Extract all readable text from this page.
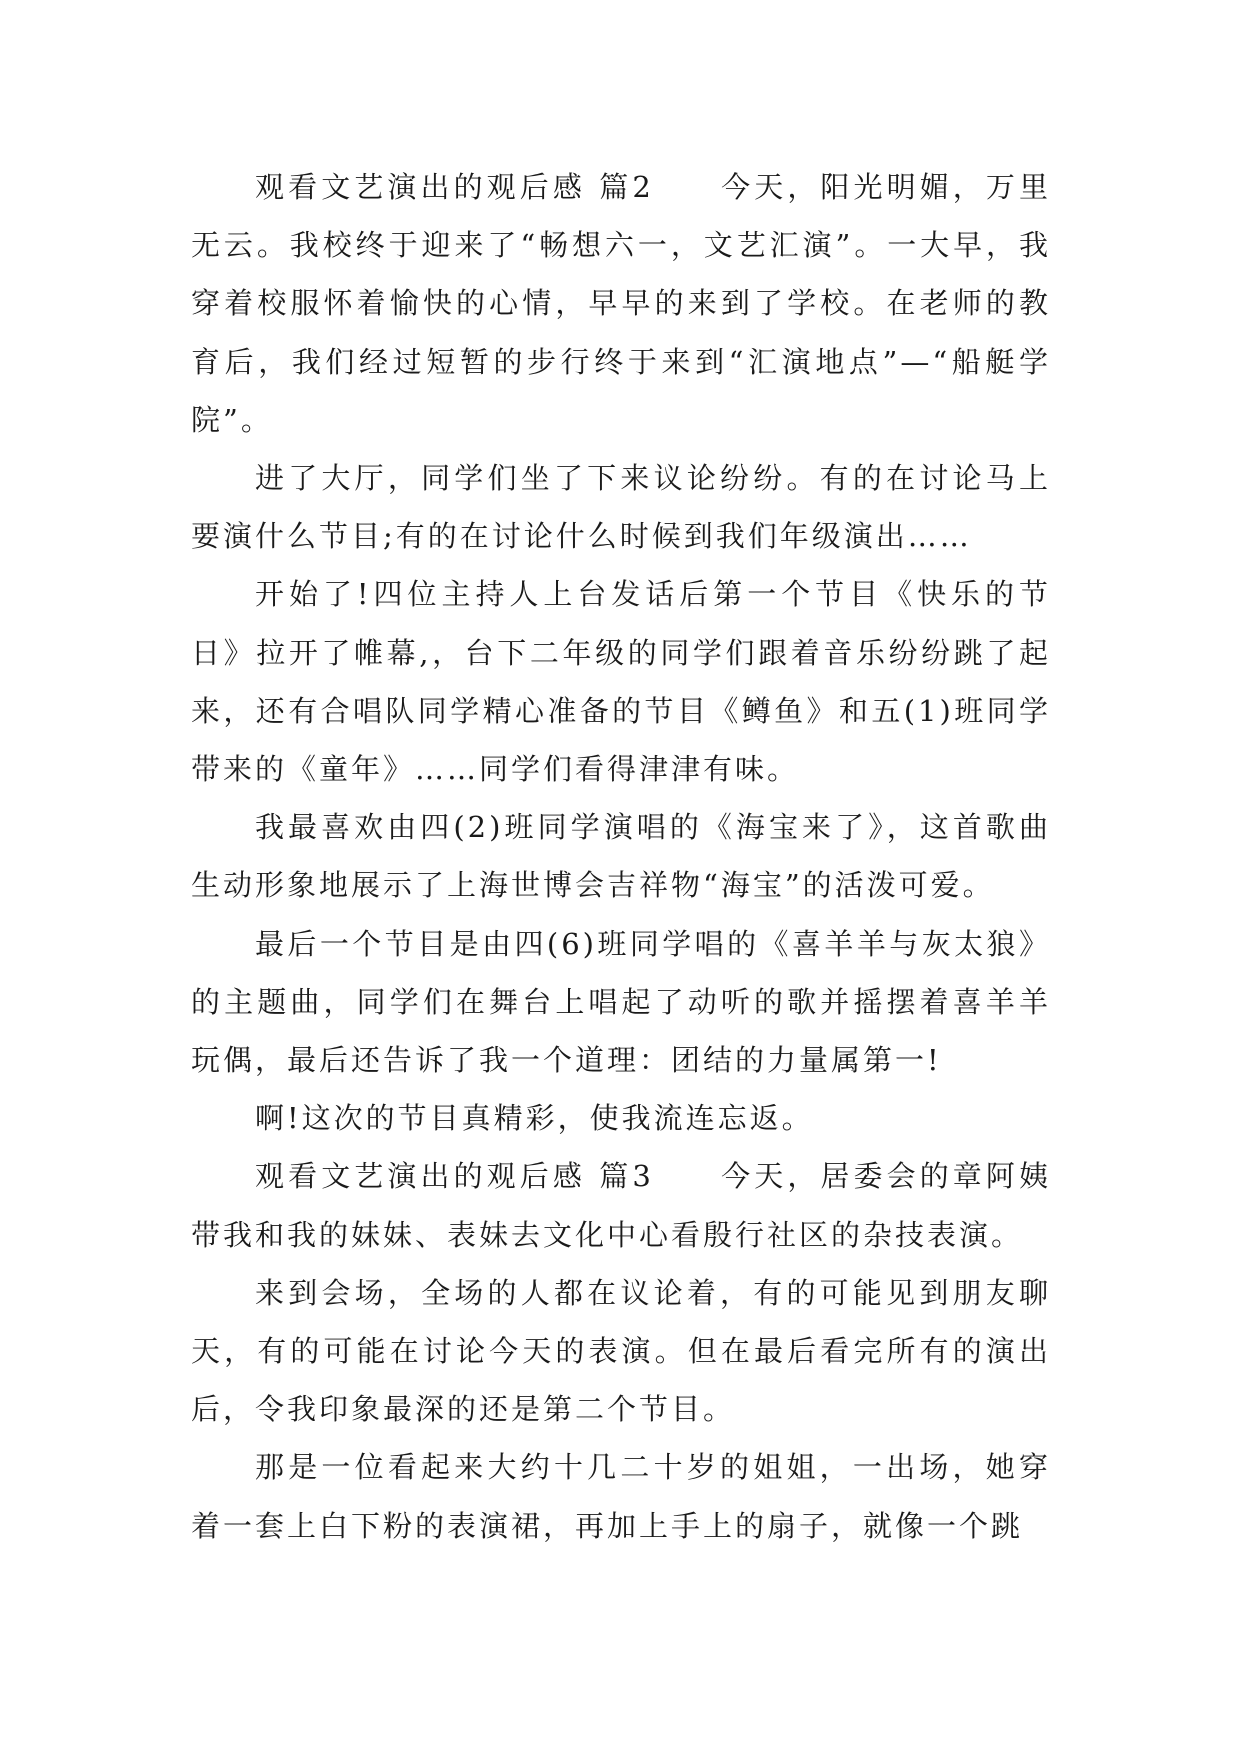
观看文艺演出的观后感 篇2　　今天，阳光明媚，万里无云。我校终于迎来了“畅想六一，文艺汇演”。一大早，我穿着校服怀着愉快的心情，早早的来到了学校。在老师的教育后，我们经过短暂的步行终于来到“汇演地点”—“船艇学院”。

进了大厅，同学们坐了下来议论纷纷。有的在讨论马上要演什么节目;有的在讨论什么时候到我们年级演出……

开始了!四位主持人上台发话后第一个节目《快乐的节日》拉开了帷幕,，台下二年级的同学们跟着音乐纷纷跳了起来，还有合唱队同学精心准备的节目《鳟鱼》和五(1)班同学带来的《童年》……同学们看得津津有味。

我最喜欢由四(2)班同学演唱的《海宝来了》，这首歌曲生动形象地展示了上海世博会吉祥物“海宝”的活泼可爱。

最后一个节目是由四(6)班同学唱的《喜羊羊与灰太狼》的主题曲，同学们在舞台上唱起了动听的歌并摇摆着喜羊羊玩偶，最后还告诉了我一个道理：团结的力量属第一!

啊!这次的节目真精彩，使我流连忘返。

观看文艺演出的观后感 篇3　　今天，居委会的章阿姨带我和我的妹妹、表妹去文化中心看殷行社区的杂技表演。

来到会场，全场的人都在议论着，有的可能见到朋友聊天，有的可能在讨论今天的表演。但在最后看完所有的演出后，令我印象最深的还是第二个节目。

那是一位看起来大约十几二十岁的姐姐，一出场，她穿着一套上白下粉的表演裙，再加上手上的扇子，就像一个跳
